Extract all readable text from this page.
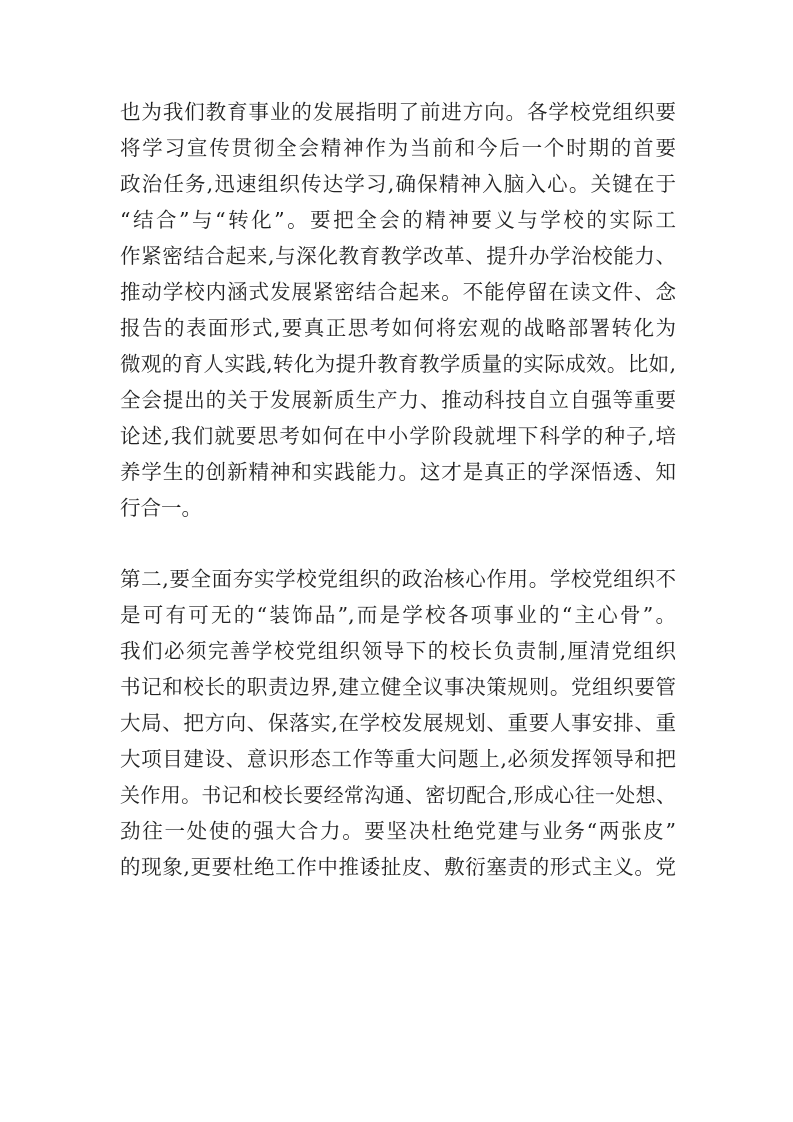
也为我们教育事业的发展指明了前进方向。各学校党组织要

将学习宣传贯彻全会精神作为当前和今后一个时期的首要

政治任务,迅速组织传达学习,确保精神入脑入心。关键在于

“结合”与“转化”。要把全会的精神要义与学校的实际工

作紧密结合起来,与深化教育教学改革、提升办学治校能力、

推动学校内涵式发展紧密结合起来。不能停留在读文件、念

报告的表面形式,要真正思考如何将宏观的战略部署转化为

微观的育人实践,转化为提升教育教学质量的实际成效。比如,

全会提出的关于发展新质生产力、推动科技自立自强等重要

论述,我们就要思考如何在中小学阶段就埋下科学的种子,培

养学生的创新精神和实践能力。这才是真正的学深悟透、知

行合一。

第二,要全面夯实学校党组织的政治核心作用。学校党组织不

是可有可无的“装饰品”,而是学校各项事业的“主心骨”。

我们必须完善学校党组织领导下的校长负责制,厘清党组织

书记和校长的职责边界,建立健全议事决策规则。党组织要管

大局、把方向、保落实,在学校发展规划、重要人事安排、重

大项目建设、意识形态工作等重大问题上,必须发挥领导和把

关作用。书记和校长要经常沟通、密切配合,形成心往一处想、

劲往一处使的强大合力。要坚决杜绝党建与业务“两张皮”

的现象,更要杜绝工作中推诿扯皮、敷衍塞责的形式主义。党
